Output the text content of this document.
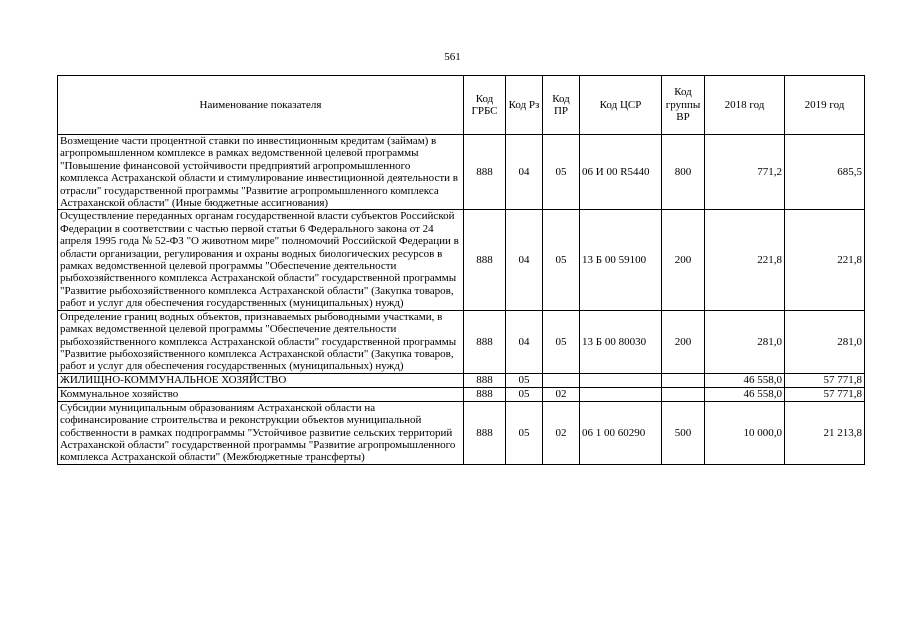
561
Наименование показателя	Код ГРБС	Код Рз	Код ПР	Код ЦСР	Код группы ВР	2018 год	2019 год
Возмещение части процентной ставки по инвестиционным кредитам (займам) в агропромышленном комплексе в рамках ведомственной целевой программы "Повышение финансовой устойчивости предприятий агропромышленного комплекса Астраханской области и стимулирование инвестиционной деятельности в отрасли" государственной программы "Развитие агропромышленного комплекса Астраханской области" (Иные бюджетные ассигнования)	888	04	05	06 И 00 R5440	800	771,2	685,5
Осуществление переданных органам государственной власти субъектов Российской Федерации в соответствии с частью первой статьи 6 Федерального закона от 24 апреля 1995 года № 52-ФЗ "О животном мире" полномочий Российской Федерации в области организации, регулирования и охраны водных биологических ресурсов в рамках ведомственной целевой программы "Обеспечение деятельности рыбохозяйственного комплекса Астраханской области" государственной программы "Развитие рыбохозяйственного комплекса Астраханской области" (Закупка товаров, работ и услуг для обеспечения государственных (муниципальных) нужд)	888	04	05	13 Б 00 59100	200	221,8	221,8
Определение границ водных объектов, признаваемых рыбоводными участками, в рамках ведомственной целевой программы "Обеспечение деятельности рыбохозяйственного комплекса Астраханской области" государственной программы "Развитие рыбохозяйственного комплекса Астраханской области" (Закупка товаров, работ и услуг для обеспечения государственных (муниципальных) нужд)	888	04	05	13 Б 00 80030	200	281,0	281,0
ЖИЛИЩНО-КОММУНАЛЬНОЕ ХОЗЯЙСТВО	888	05				46 558,0	57 771,8
Коммунальное хозяйство	888	05	02			46 558,0	57 771,8
Субсидии муниципальным образованиям Астраханской области на софинансирование строительства и реконструкции объектов муниципальной собственности в рамках подпрограммы "Устойчивое развитие сельских территорий Астраханской области" государственной программы "Развитие агропромышленного комплекса Астраханской области" (Межбюджетные трансферты)	888	05	02	06 1 00 60290	500	10 000,0	21 213,8
